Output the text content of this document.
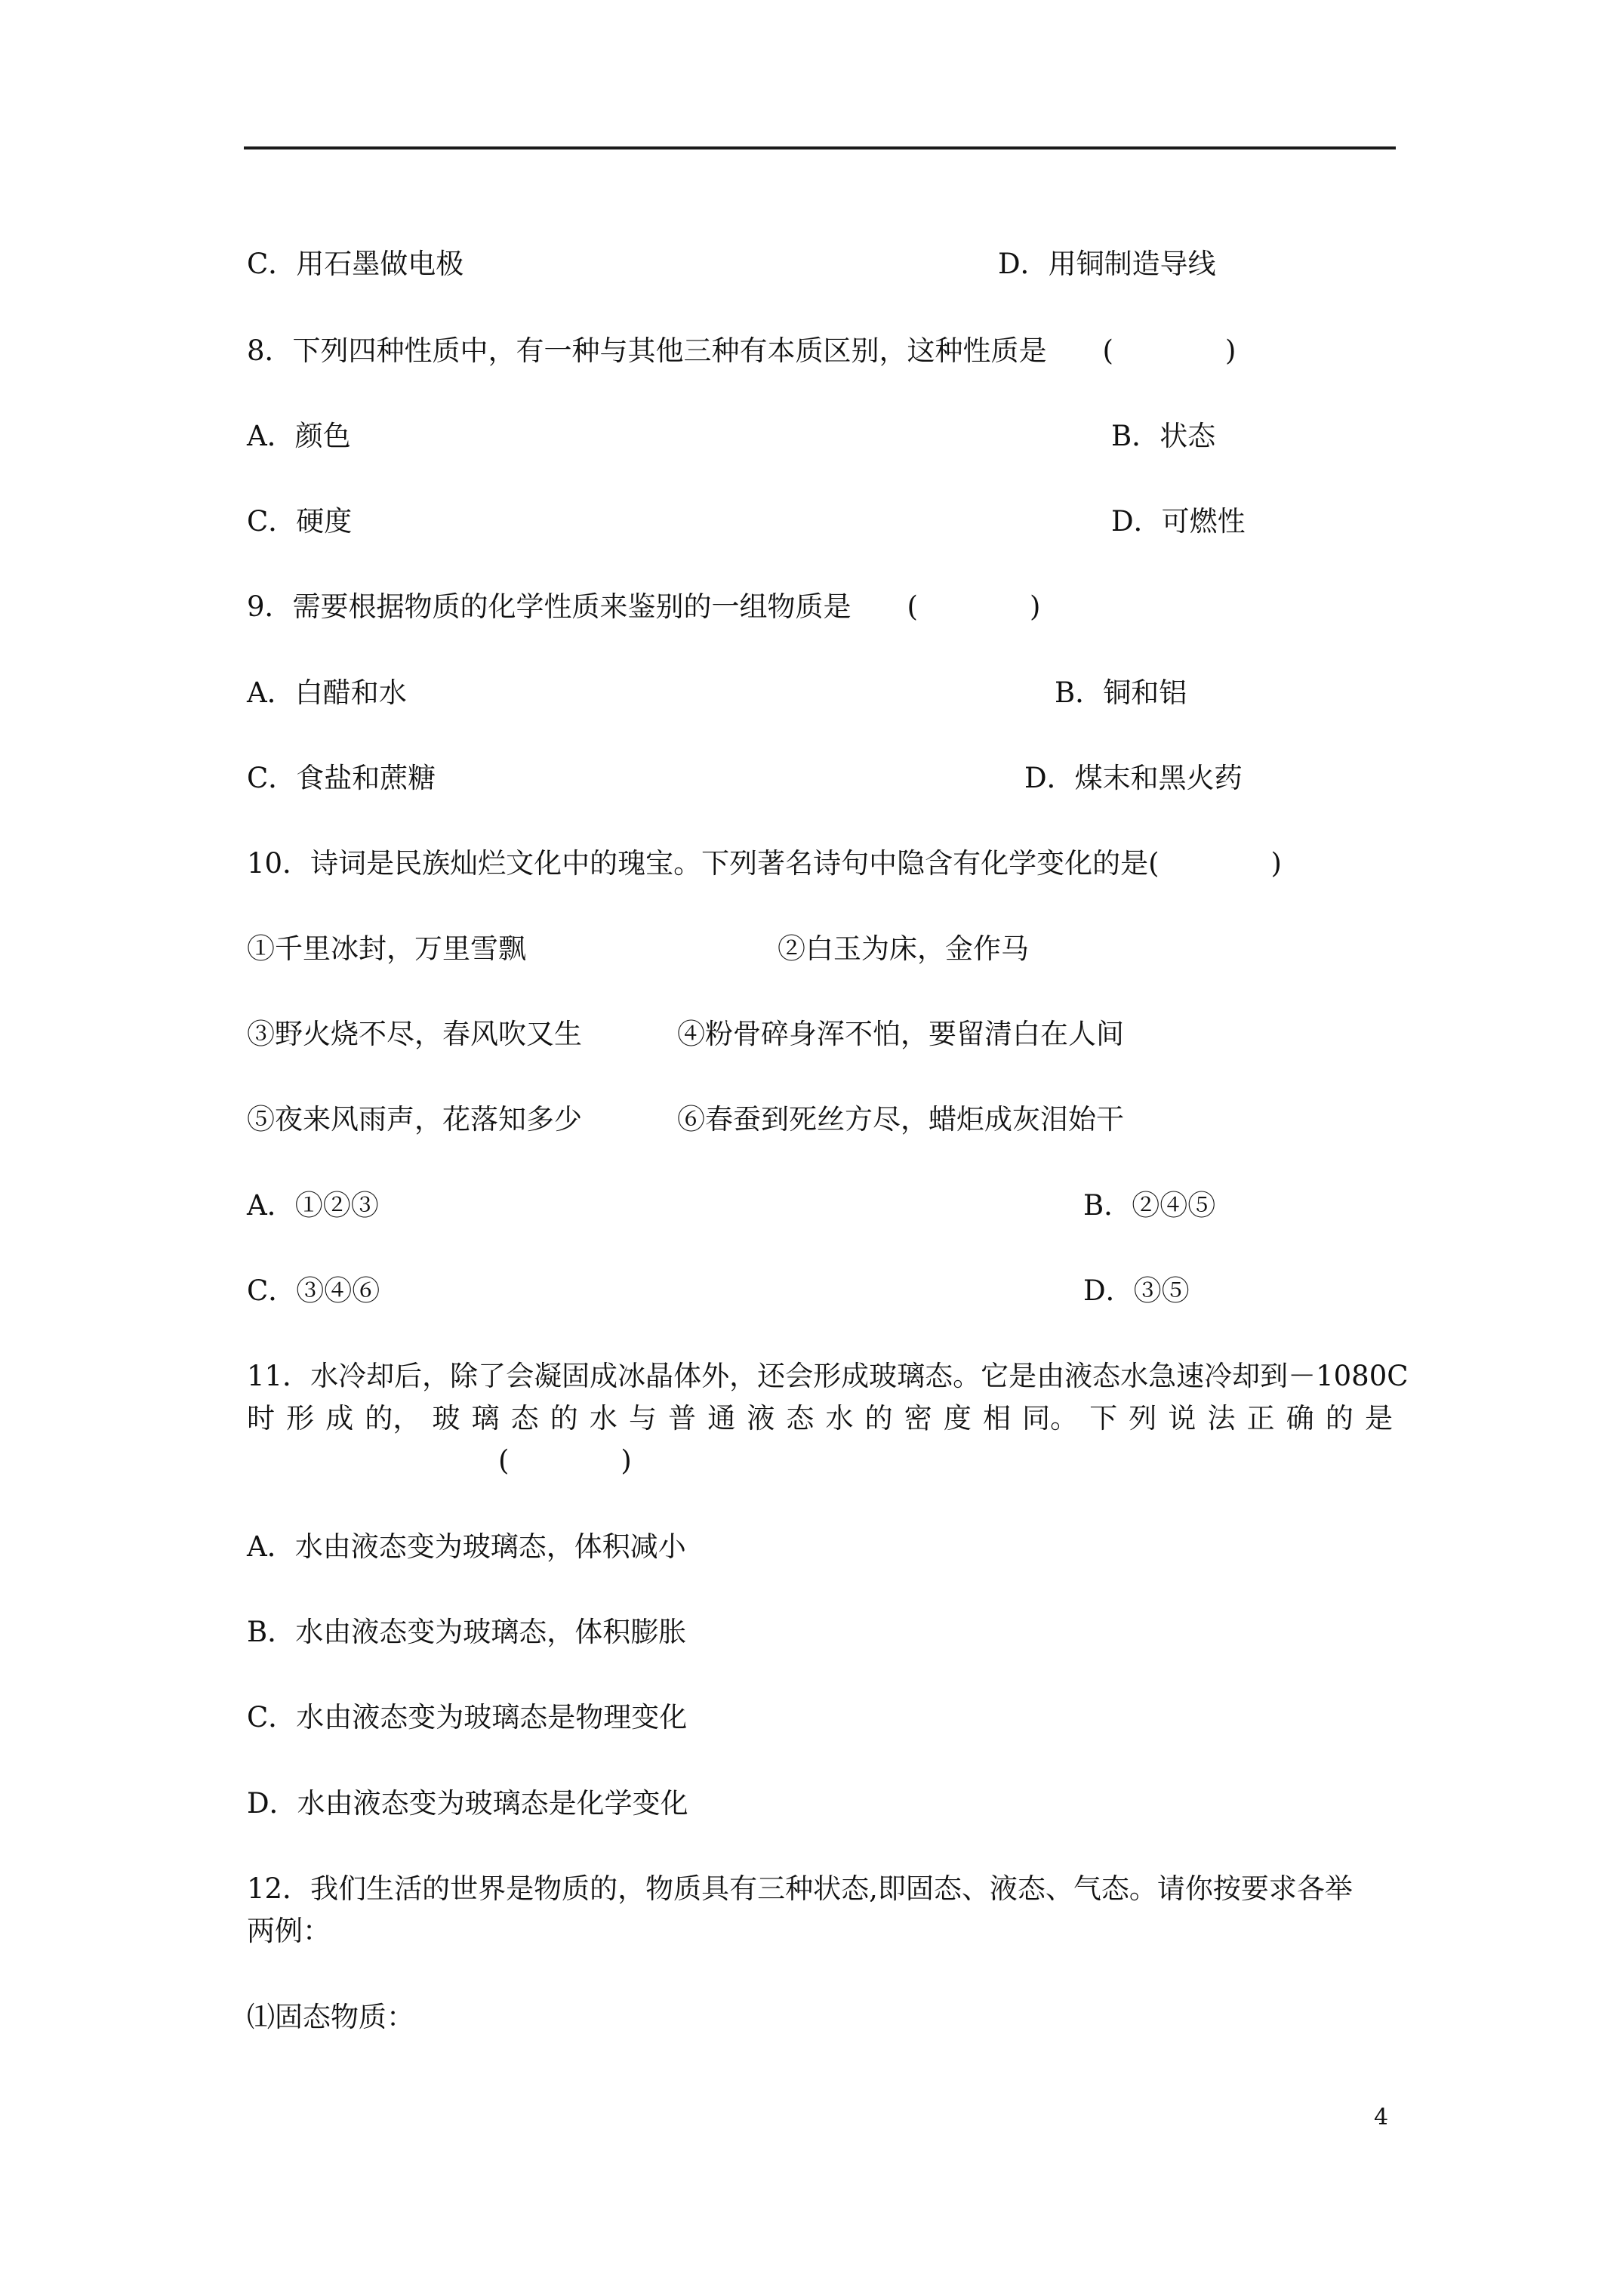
C．用石墨做电极	D．用铜制造导线
8．下列四种性质中，有一种与其他三种有本质区别，这种性质是　　(　　　　)
A．颜色	B．状态
C．硬度	D．可燃性
9．需要根据物质的化学性质来鉴别的一组物质是　　(　　　　)
A．白醋和水	B．铜和铝
C．食盐和蔗糖	D．煤末和黑火药
10．诗词是民族灿烂文化中的瑰宝。下列著名诗句中隐含有化学变化的是(　　　　)
①千里冰封，万里雪飘	②白玉为床，金作马
③野火烧不尽，春风吹又生	④粉骨碎身浑不怕，要留清白在人间
⑤夜来风雨声，花落知多少	⑥春蚕到死丝方尽，蜡炬成灰泪始干
A．①②③	B．②④⑤
C．③④⑥	D．③⑤
11．水冷却后，除了会凝固成冰晶体外，还会形成玻璃态。它是由液态水急速冷却到－1080C
时 形 成 的， 玻 璃 态 的 水 与 普 通 液 态 水 的 密 度 相 同。 下 列 说 法 正 确 的 是
(　　　　)
A．水由液态变为玻璃态，体积减小
B．水由液态变为玻璃态，体积膨胀
C．水由液态变为玻璃态是物理变化
D．水由液态变为玻璃态是化学变化
12．我们生活的世界是物质的，物质具有三种状态,即固态、液态、气态。请你按要求各举
两例：
⑴固态物质：
4
